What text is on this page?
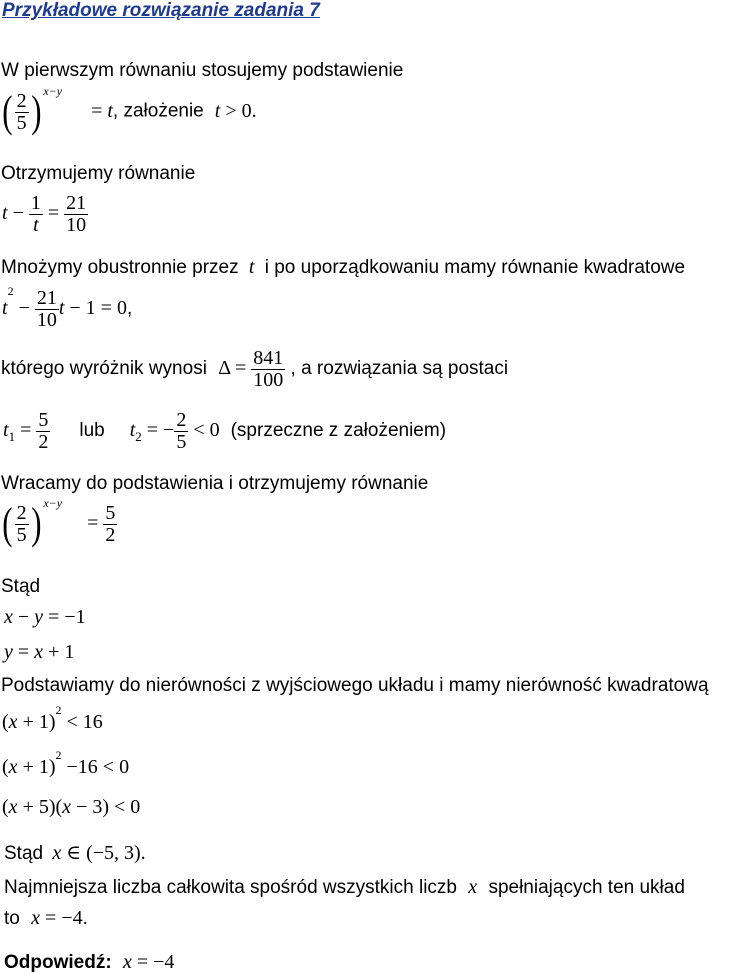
Przykładowe rozwiązanie zadania 7
W pierwszym równaniu stosujemy podstawienie
( $\frac{2}{5}$ ) $^{x-y}$ = t, założenie t > 0.
Otrzymujemy równanie
$t - \frac{1}{t} = \frac{21}{10}$
Mnożymy obustronnie przez t i po uporządkowaniu mamy równanie kwadratowe
$t^2 - \frac{21}{10}$ t − 1 = 0,
którego wyróżnik wynosi $\Delta = \frac{841}{100}$ , a rozwiązania są postaci
$t_1 = \frac{5}{2}$ lub $t_2$ = − $\frac{2}{5} < 0$ (sprzeczne z założeniem)
Wracamy do podstawienia i otrzymujemy równanie
( $\frac{2}{5}$ ) $^{x-y} = \frac{5}{2}$
Stąd
x − y = −1
y = x + 1
Podstawiamy do nierówności z wyjściowego układu i mamy nierówność kwadratową
$(x + 1)^2 < 16$
$(x + 1)^2 -16 < 0$
(x + 5)(x − 3) < 0
Stąd x ∈ (−5, 3).
Najmniejsza liczba całkowita spośród wszystkich liczb x spełniających ten układ
to x = −4.
Odpowiedź: x = −4
